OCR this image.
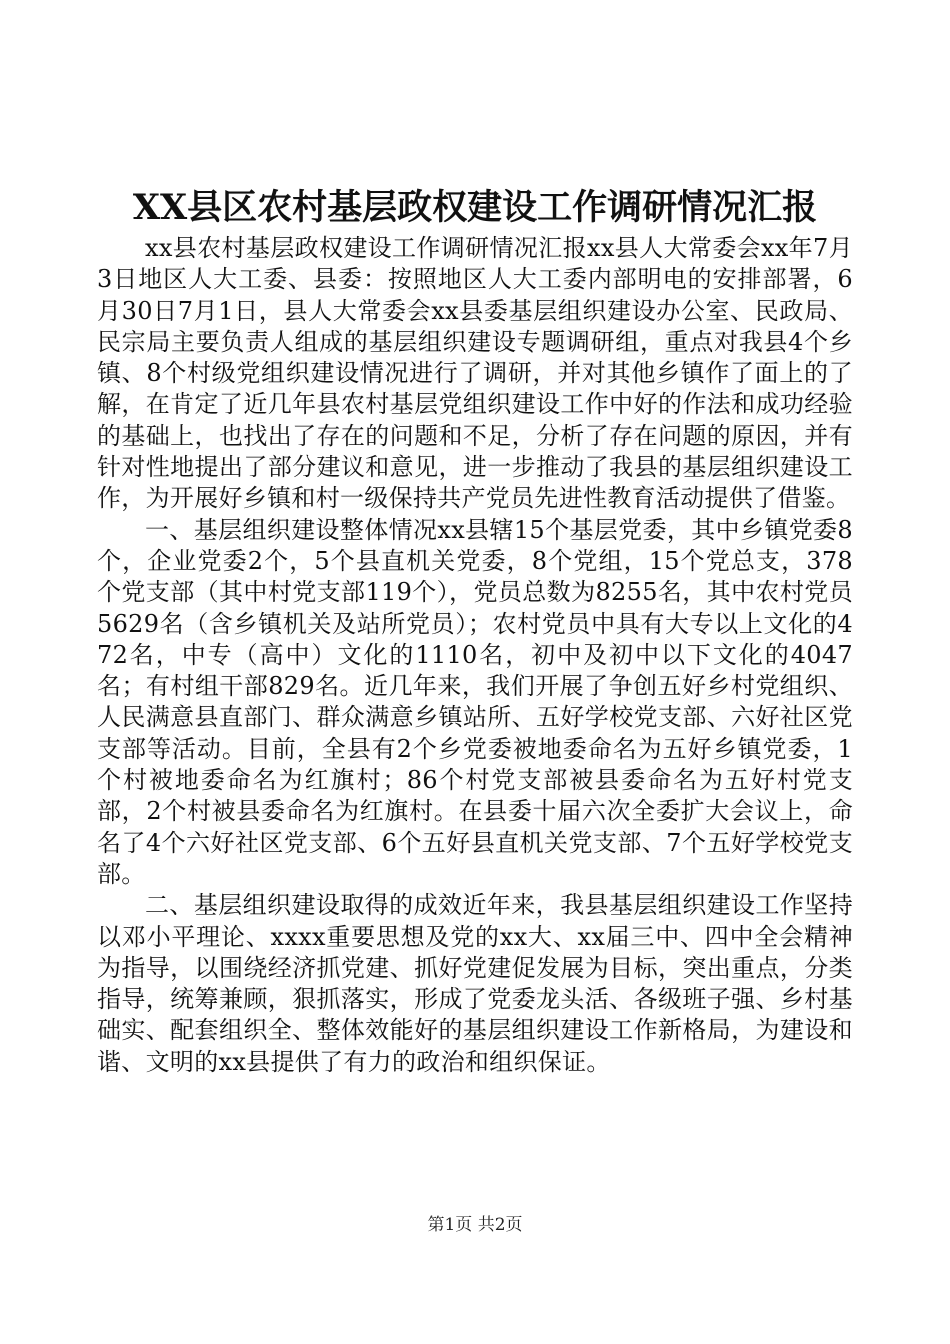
XX县区农村基层政权建设工作调研情况汇报

xx县农村基层政权建设工作调研情况汇报xx县人大常委会xx年7月3日地区人大工委、县委：按照地区人大工委内部明电的安排部署，6月30日7月1日，县人大常委会xx县委基层组织建设办公室、民政局、民宗局主要负责人组成的基层组织建设专题调研组，重点对我县4个乡镇、8个村级党组织建设情况进行了调研，并对其他乡镇作了面上的了解，在肯定了近几年县农村基层党组织建设工作中好的作法和成功经验的基础上，也找出了存在的问题和不足，分析了存在问题的原因，并有针对性地提出了部分建议和意见，进一步推动了我县的基层组织建设工作，为开展好乡镇和村一级保持共产党员先进性教育活动提供了借鉴。

一、基层组织建设整体情况xx县辖15个基层党委，其中乡镇党委8个，企业党委2个，5个县直机关党委，8个党组，15个党总支，378个党支部（其中村党支部119个），党员总数为8255名，其中农村党员5629名（含乡镇机关及站所党员）；农村党员中具有大专以上文化的472名，中专（高中）文化的1110名，初中及初中以下文化的4047名；有村组干部829名。近几年来，我们开展了争创五好乡村党组织、人民满意县直部门、群众满意乡镇站所、五好学校党支部、六好社区党支部等活动。目前，全县有2个乡党委被地委命名为五好乡镇党委，1个村被地委命名为红旗村；86个村党支部被县委命名为五好村党支部，2个村被县委命名为红旗村。在县委十届六次全委扩大会议上，命名了4个六好社区党支部、6个五好县直机关党支部、7个五好学校党支部。

二、基层组织建设取得的成效近年来，我县基层组织建设工作坚持以邓小平理论、xxxx重要思想及党的xx大、xx届三中、四中全会精神为指导，以围绕经济抓党建、抓好党建促发展为目标，突出重点，分类指导，统筹兼顾，狠抓落实，形成了党委龙头活、各级班子强、乡村基础实、配套组织全、整体效能好的基层组织建设工作新格局，为建设和谐、文明的xx县提供了有力的政治和组织保证。

第1页 共2页
